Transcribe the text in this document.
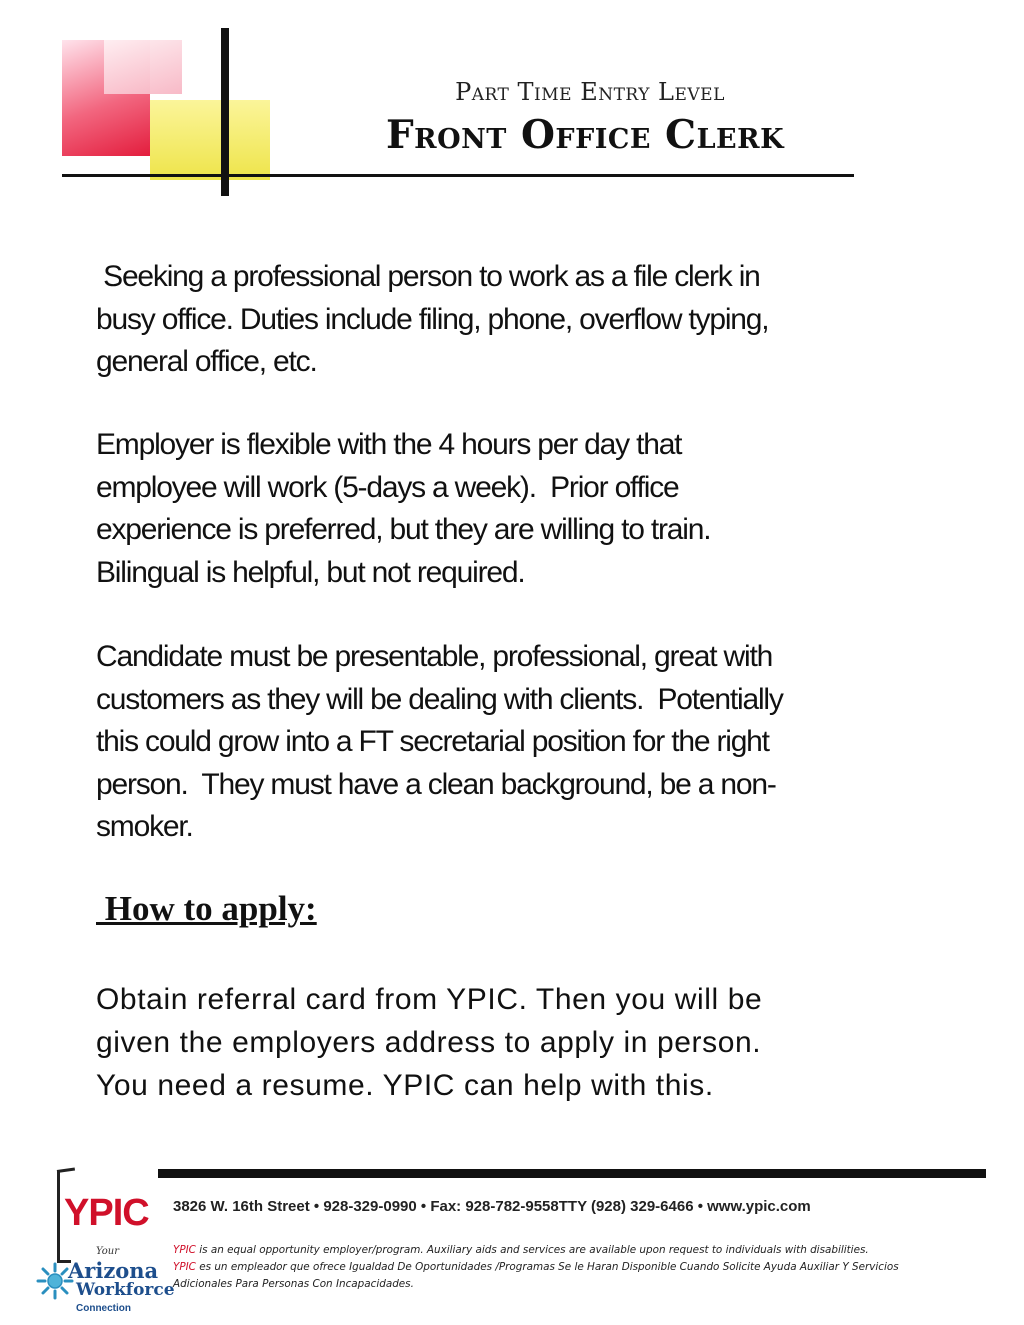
Part Time Entry Level
Front Office Clerk
Seeking a professional person to work as a file clerk in
busy office. Duties include filing, phone, overflow typing,
general office, etc.
Employer is flexible with the 4 hours per day that
employee will work (5-days a week).  Prior office
experience is preferred, but they are willing to train.
Bilingual is helpful, but not required.
Candidate must be presentable, professional, great with
customers as they will be dealing with clients.  Potentially
this could grow into a FT secretarial position for the right
person.  They must have a clean background, be a non-
smoker.
How to apply:
Obtain referral card from YPIC. Then you will be
given the employers address to apply in person.
You need a resume. YPIC can help with this.
3826 W. 16th Street • 928-329-0990 • Fax: 928-782-9558TTY (928) 329-6466 • www.ypic.com
YPIC is an equal opportunity employer/program. Auxiliary aids and services are available upon request to individuals with disabilities.
YPIC es un empleador que ofrece Igualdad De Oportunidades /Programas Se le Haran Disponible Cuando Solicite Ayuda Auxiliar Y Servicios
Adicionales Para Personas Con Incapacidades.
YPIC
Your
Arizona
Workforce
Connection
